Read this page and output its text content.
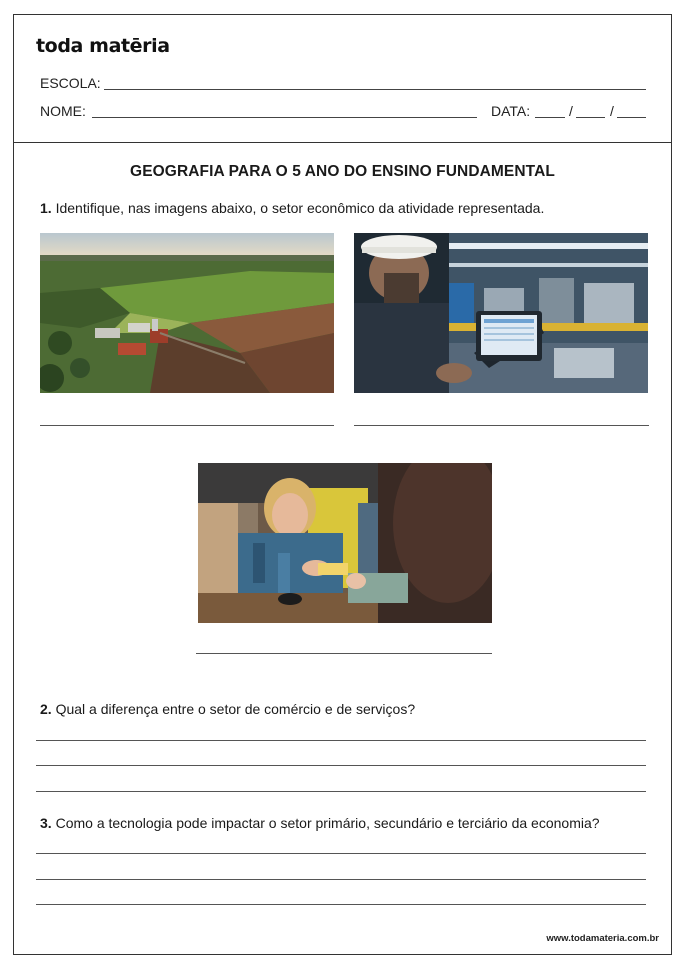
toda matēria
ESCOLA:
NOME:	DATA:	/	/
GEOGRAFIA PARA O 5 ANO DO ENSINO FUNDAMENTAL
1. Identifique, nas imagens abaixo, o setor econômico da atividade representada.
2. Qual a diferença entre o setor de comércio e de serviços?
3. Como a tecnologia pode impactar o setor primário, secundário e terciário da economia?
www.todamateria.com.br
